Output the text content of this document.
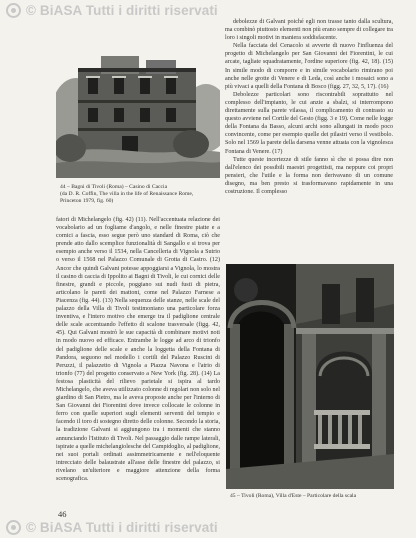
© BiASA Tutti i diritti riservati
44 – Bagni di Tivoli (Roma) – Casino di Caccia
(da D. R. Coffin, The villa in the life of Renaissance Rome,
Princeton 1979, fig. 60)

debolezze di Galvani poiché egli non trasse tanto dalla scultura, ma combinò piuttosto elementi non più erano sempre di collegare tra loro i singoli motivi in maniera soddisfacente.

Nella facciata del Cenacolo si avverte di nuovo l'influenza del progetto di Michelangelo per San Giovanni dei Fiorentini, le cui arcate, tagliate squadratamente, l'ordine superiore (fig. 42, 18). (15) In simile modo di comporre e in simile vocabolario rimirano poi anche nelle grotte di Venere e di Leda, così anche i mosaici sono a più vivaci a quelli della Fontana di Bosco (figg. 27, 32, 5, 17). (16)

Debolezze particolari sono riscontrabili soprattutto nel complesso dell'impianto, le cui anzie a sbalzi, si interrompono direttamente sulla parete vilassa, il complicamento di contrasto su questo avviene nel Cortile del Gesto (figg. 3 e 19). Come nelle logge della Fontana da Basso, alcuni archi sono allungati in modo poco convincente, come per esempio quelle dei pilastri verso il vestibolo. Solo nel 1569 la parete della darsena venne attuata con la vignolesca Fontana di Venere. (17)

Tutte queste incertezze di stile fanno sì che si possa dire non dall'elenco dei possibili maestri progettisti, ma neppure coi propri pensieri, che l'utile e la forma non derivavano di un comune disegno, ma ben presto si trasformavano rapidamente in una costruzione. Il complesso

fatori di Michelangelo (fig. 42) (11). Nell'accentuata relazione dei vocabolario ad un fogliame d'angolo, e nelle finestre piatte e a cornici a fascia, esso segue però uno standard di Roma, ciò che prende atto dallo scemplice funzionalità di Sangallo e si trova per esempio anche verso il 1534, nella Cancelleria di Vignola a Sutrio o verso il 1568 nel Palazzo Comunale di Grotta di Castro. (12) Ancor che quindi Galvani potesse appoggiarsi a Vignola, lo mostra il casino di caccia di Ippolito ai Bagni di Tivoli, le cui cornici delle finestre, grandi e piccole, poggiano sui nudi fusti di pietra, articolano le pareti dei mattoni, come nel Palazzo Farnese a Piacenza (fig. 44). (13) Nella sequenza delle stanze, nelle scale del palazzo della Villa di Tivoli testimoniano una particolare forza inventiva, e l'intero motivo che emerge tra il padiglione centrale delle scale accentuando l'effetto di scalone trasversale (figg. 42, 45). Qui Galvani mostrò le sue capacità di combinare motivi noti in modo nuovo ed efficace. Entrambe le logge ad arco di trionfo del padiglione delle scale e anche la loggetta della Fontana di Pandora, seguono nel modello i cortili del Palazzo Ruscini di Peruzzi, il palazzetto di Vignola a Piazza Navona e l'atrio di trionfo (77) del progetto conservato a New York (fig. 28). (14) La festosa plasticità del rilievo parietale si ispira al tardo Michelangelo, che aveva utilizzato colonne di regolari non solo nel giardino di San Pietro, ma le aveva proposte anche per l'interno di San Giovanni dei Fiorentini dove invece collocate le colonne in ferro con quelle superiori sugli elementi serventi del tempio e facendo il toro di sostegno diretto delle colonne. Secondo la storia, la tradizione Galvani si aggiungono tra i momenti che stanno annunciando l'Istituto di Tivoli. Nel passaggio dalle rampe laterali, ispirate a quelle michelangiolesche del Campidoglio, al padiglione, nei suoi portali ordinati assimmetricamente e nell'eloquente intrecciato delle balaustrate all'asse delle finestre del palazzo, si rivelano un'ulteriore e maggiore attenzione della forma scenografica.

45 – Tivoli (Roma), Villa d'Este – Particolare della scala
46
© BiASA Tutti i diritti riservati
